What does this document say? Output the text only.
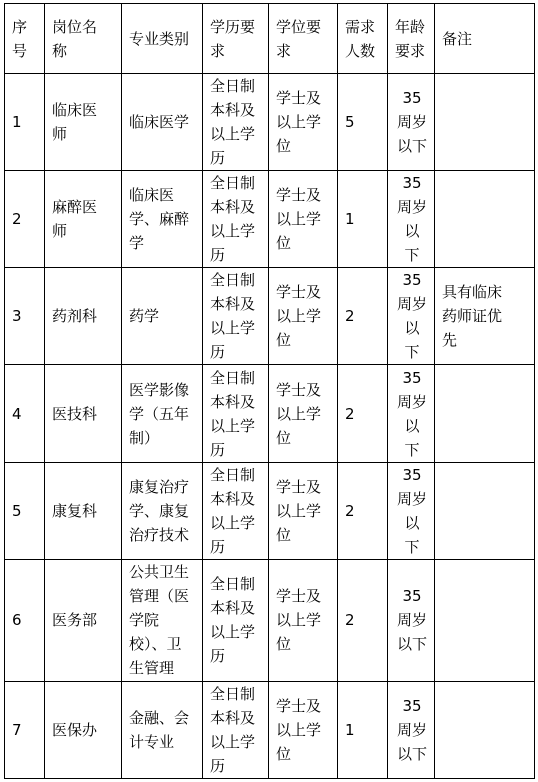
序
号	岗位名
称	专业类别	学历要
求	学位要
求	需求
人数	年龄
要求	备注
1	临床医
师	临床医学	全日制
本科及
以上学
历	学士及
以上学
位	5	35
周岁
以下	
2	麻醉医
师	临床医
学、麻醉
学	全日制
本科及
以上学
历	学士及
以上学
位	1	35
周岁
以
下	
3	药剂科	药学	全日制
本科及
以上学
历	学士及
以上学
位	2	35
周岁
以
下	具有临床
药师证优
先
4	医技科	医学影像
学（五年
制）	全日制
本科及
以上学
历	学士及
以上学
位	2	35
周岁
以
下	
5	康复科	康复治疗
学、康复
治疗技术	全日制
本科及
以上学
历	学士及
以上学
位	2	35
周岁
以
下	
6	医务部	公共卫生
管理（医
学院
校）、卫
生管理	全日制
本科及
以上学
历	学士及
以上学
位	2	35
周岁
以下	
7	医保办	金融、会
计专业	全日制
本科及
以上学
历	学士及
以上学
位	1	35
周岁
以下	
